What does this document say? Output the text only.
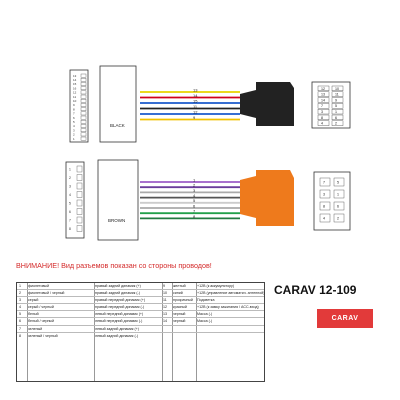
13
14
15
16
12
11
10
9
8
7
6
5
4
3
2
1
BLACK
13
14
15
11
12
9
12	10
13	11
14	9
7	5
3	1
8	6
4	2
1
2
3
4
5
6
7
8
BROWN
1
2
3
4
5
6
7
8
7	5
3	1
8	6
4	2
ВНИМАНИЕ! Вид разъемов показан со стороны проводов!
1	фиолетовый	правый задний динамик (+)	9	желтый	+12В (к аккумулятору)
2	фиолетовый / черный	правый задний динамик (-)	10	синий	+12В (управление автоматич. антенной)
3	серый	правый передний динамик (+)	11	прозрачный	Подсветка
4	серый / черный	правый передний динамик (-)	12	красный	+12В (к замку зажигания / ACC-вход)
5	белый	левый передний динамик (+)	13	черный	Масса (-)
6	белый / черный	левый передний динамик (-)	14	черный	Масса (-)
7	зеленый	левый задний динамик (+)
8	зеленый / черный	левый задний динамик (-)
CARAV 12-109
CARAV
